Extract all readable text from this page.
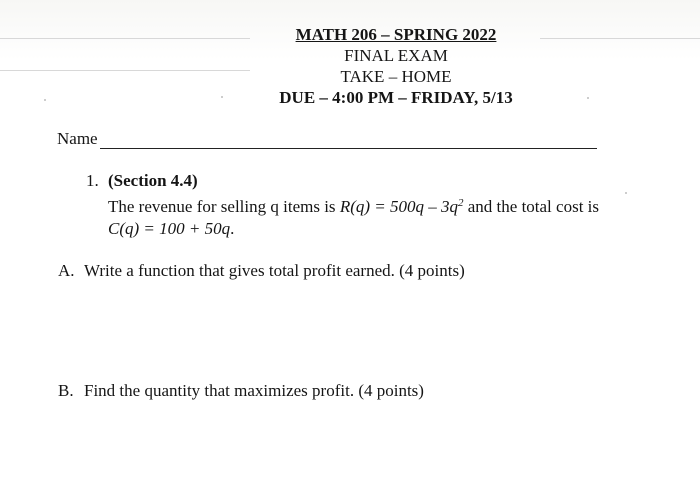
MATH 206 – SPRING 2022
FINAL EXAM
TAKE – HOME
DUE – 4:00 PM – FRIDAY, 5/13
Name
1. (Section 4.4)
The revenue for selling q items is $R(q) = 500q - 3q^2$ and the total cost is
C(q) = 100 + 50q.
A. Write a function that gives total profit earned. (4 points)
B. Find the quantity that maximizes profit. (4 points)
